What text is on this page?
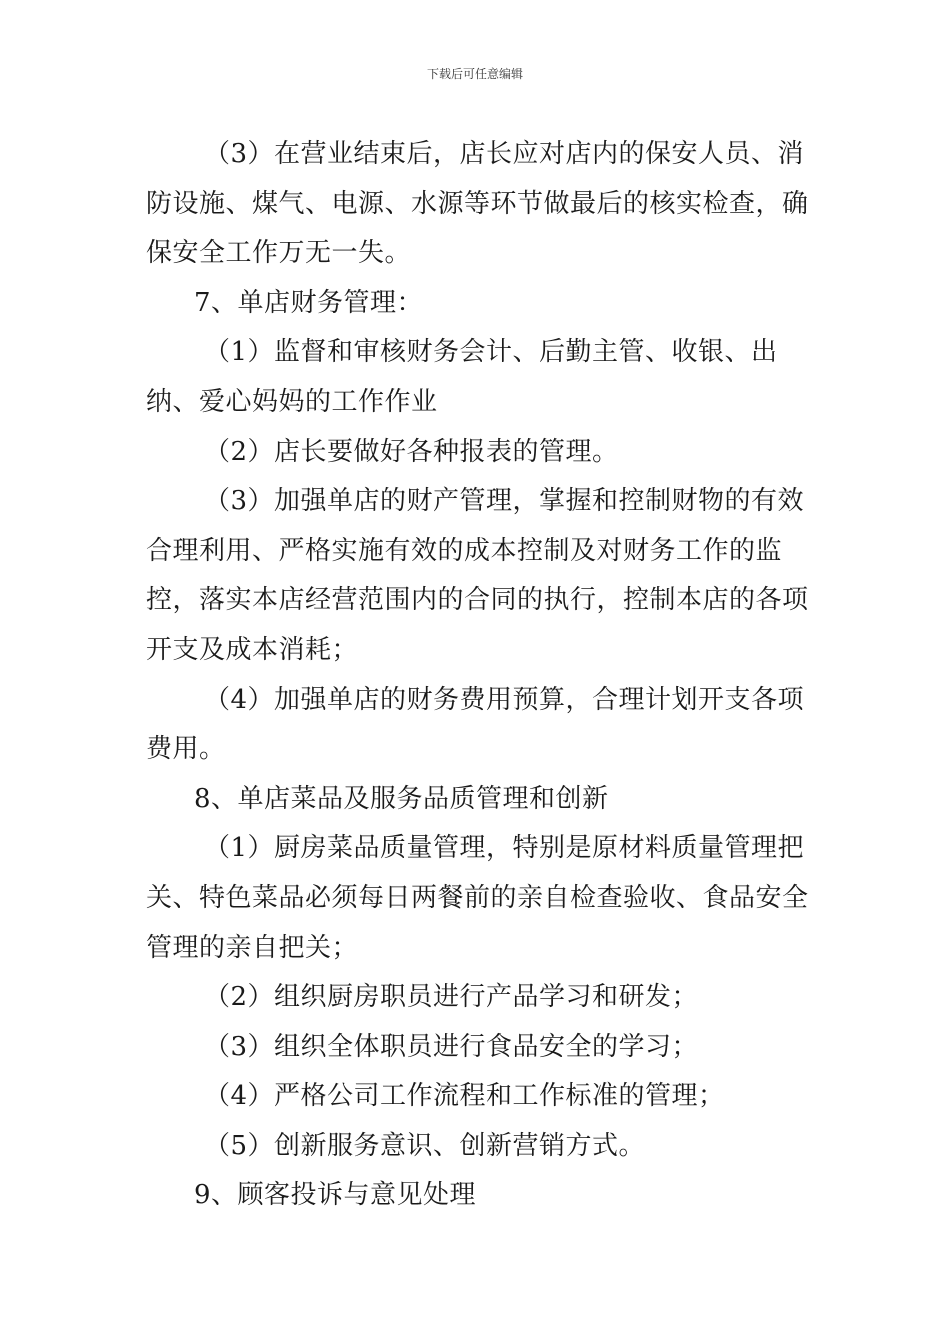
下载后可任意编辑

（3）在营业结束后，店长应对店内的保安人员、消防设施、煤气、电源、水源等环节做最后的核实检查，确保安全工作万无一失。

7、单店财务管理：

（1）监督和审核财务会计、后勤主管、收银、出纳、爱心妈妈的工作作业

（2）店长要做好各种报表的管理。

（3）加强单店的财产管理，掌握和控制财物的有效合理利用、严格实施有效的成本控制及对财务工作的监控，落实本店经营范围内的合同的执行，控制本店的各项开支及成本消耗；

（4）加强单店的财务费用预算，合理计划开支各项费用。

8、单店菜品及服务品质管理和创新

（1）厨房菜品质量管理，特别是原材料质量管理把关、特色菜品必须每日两餐前的亲自检查验收、食品安全管理的亲自把关；

（2）组织厨房职员进行产品学习和研发；

（3）组织全体职员进行食品安全的学习；

（4）严格公司工作流程和工作标准的管理；

（5）创新服务意识、创新营销方式。

9、顾客投诉与意见处理
